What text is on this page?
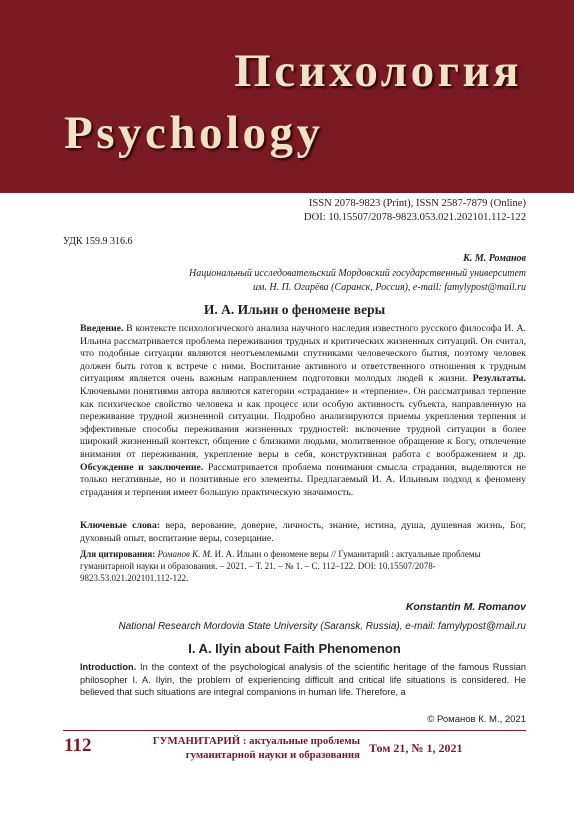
Психология
Psychology
ISSN 2078-9823 (Print), ISSN 2587-7879 (Online)
DOI: 10.15507/2078-9823.053.021.202101.112-122
УДК 159.9 316.6
К. М. Романов
Национальный исследовательский Мордовский государственный университет
им. Н. П. Огарёва (Саранск, Россия), e-mail: famylypost@mail.ru
И. А. Ильин о феномене веры

Введение. В контексте психологического анализа научного наследия известного русского философа И. А. Ильина рассматривается проблема переживания трудных и критических жизненных ситуаций. Он считал, что подобные ситуации являются неотъемлемыми спутниками человеческого бытия, поэтому человек должен быть готов к встрече с ними. Воспитание активного и ответственного отношения к трудным ситуациям является очень важным направлением подготовки молодых людей к жизни. Результаты. Ключевыми понятиями автора являются категории «страдание» и «терпение». Он рассматривал терпение как психическое свойство человека и как процесс или особую активность субъекта, направленную на переживание трудной жизненной ситуации. Подробно анализируются приемы укрепления терпения и эффективные способы переживания жизненных трудностей: включение трудной ситуации в более широкий жизненный контекст, общение с близкими людьми, молитвенное обращение к Богу, отвлечение внимания от переживания, укрепление веры в себя, конструктивная работа с воображением и др. Обсуждение и заключение. Рассматривается проблема понимания смысла страдания, выделяются не только негативные, но и позитивные его элементы. Предлагаемый И. А. Ильиным подход к феномену страдания и терпения имеет большую практическую значимость.

Ключевые слова: вера, верование, доверие, личность, знание, истина, душа, душевная жизнь, Бог, духовный опыт, воспитание веры, созерцание.
Для цитирования: Романов К. М. И. А. Ильин о феномене веры // Гуманитарий : актуальные проблемы гуманитарной науки и образования. – 2021. – Т. 21. – № 1. – С. 112–122. DOI: 10.15507/2078-9823.53.021.202101.112-122.
Konstantin M. Romanov
National Research Mordovia State University (Saransk, Russia), e-mail: famylypost@mail.ru
I. A. Ilyin about Faith Phenomenon
Introduction. In the context of the psychological analysis of the scientific heritage of the famous Russian philosopher I. A. Ilyin, the problem of experiencing difficult and critical life situations is considered. He believed that such situations are integral companions in human life. Therefore, a
© Романов К. М., 2021
112	ГУМАНИТАРИЙ : актуальные проблемы
гуманитарной науки и образования Том 21, № 1, 2021
